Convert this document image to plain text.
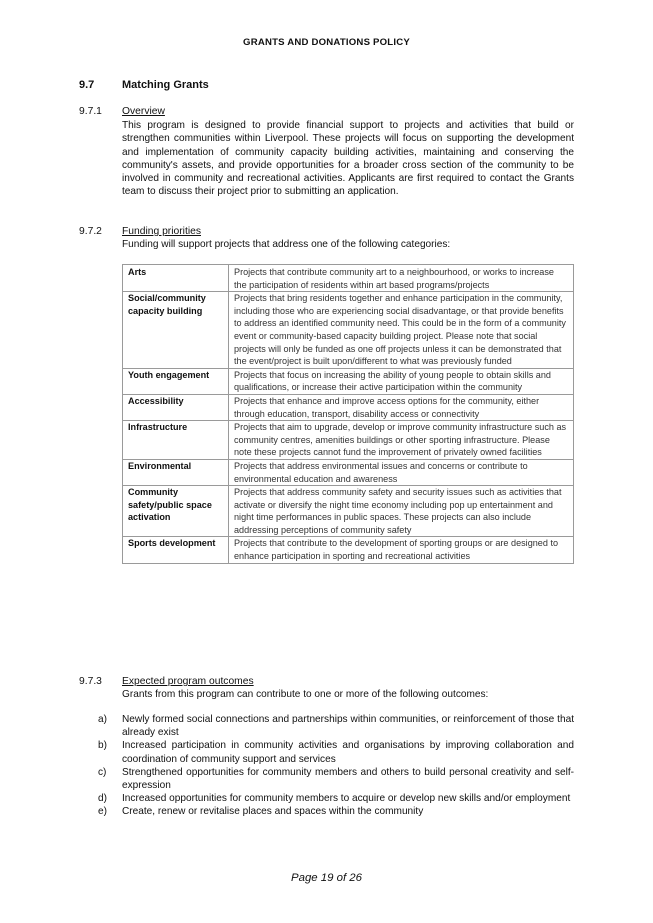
GRANTS AND DONATIONS POLICY
9.7	Matching Grants
9.7.1 Overview

This program is designed to provide financial support to projects and activities that build or strengthen communities within Liverpool. These projects will focus on supporting the development and implementation of community capacity building activities, maintaining and conserving the community's assets, and provide opportunities for a broader cross section of the community to be involved in community and recreational activities. Applicants are first required to contact the Grants team to discuss their project prior to submitting an application.

9.7.2 Funding priorities

Funding will support projects that address one of the following categories:

Arts	Projects that contribute community art to a neighbourhood, or works to increase the participation of residents within art based programs/projects
Social/community capacity building	Projects that bring residents together and enhance participation in the community, including those who are experiencing social disadvantage, or that provide benefits to address an identified community need. This could be in the form of a community event or community-based capacity building project. Please note that social projects will only be funded as one off projects unless it can be demonstrated that the event/project is built upon/different to what was previously funded
Youth engagement	Projects that focus on increasing the ability of young people to obtain skills and qualifications, or increase their active participation within the community
Accessibility	Projects that enhance and improve access options for the community, either through education, transport, disability access or connectivity
Infrastructure	Projects that aim to upgrade, develop or improve community infrastructure such as community centres, amenities buildings or other sporting infrastructure. Please note these projects cannot fund the improvement of privately owned facilities
Environmental	Projects that address environmental issues and concerns or contribute to environmental education and awareness
Community safety/public space activation	Projects that address community safety and security issues such as activities that activate or diversify the night time economy including pop up entertainment and night time performances in public spaces. These projects can also include addressing perceptions of community safety
Sports development	Projects that contribute to the development of sporting groups or are designed to enhance participation in sporting and recreational activities
9.7.3 Expected program outcomes

Grants from this program can contribute to one or more of the following outcomes:

a) Newly formed social connections and partnerships within communities, or reinforcement of those that already exist
b) Increased participation in community activities and organisations by improving collaboration and coordination of community support and services
c) Strengthened opportunities for community members and others to build personal creativity and self-expression
d) Increased opportunities for community members to acquire or develop new skills and/or employment
e) Create, renew or revitalise places and spaces within the community
Page 19 of 26
